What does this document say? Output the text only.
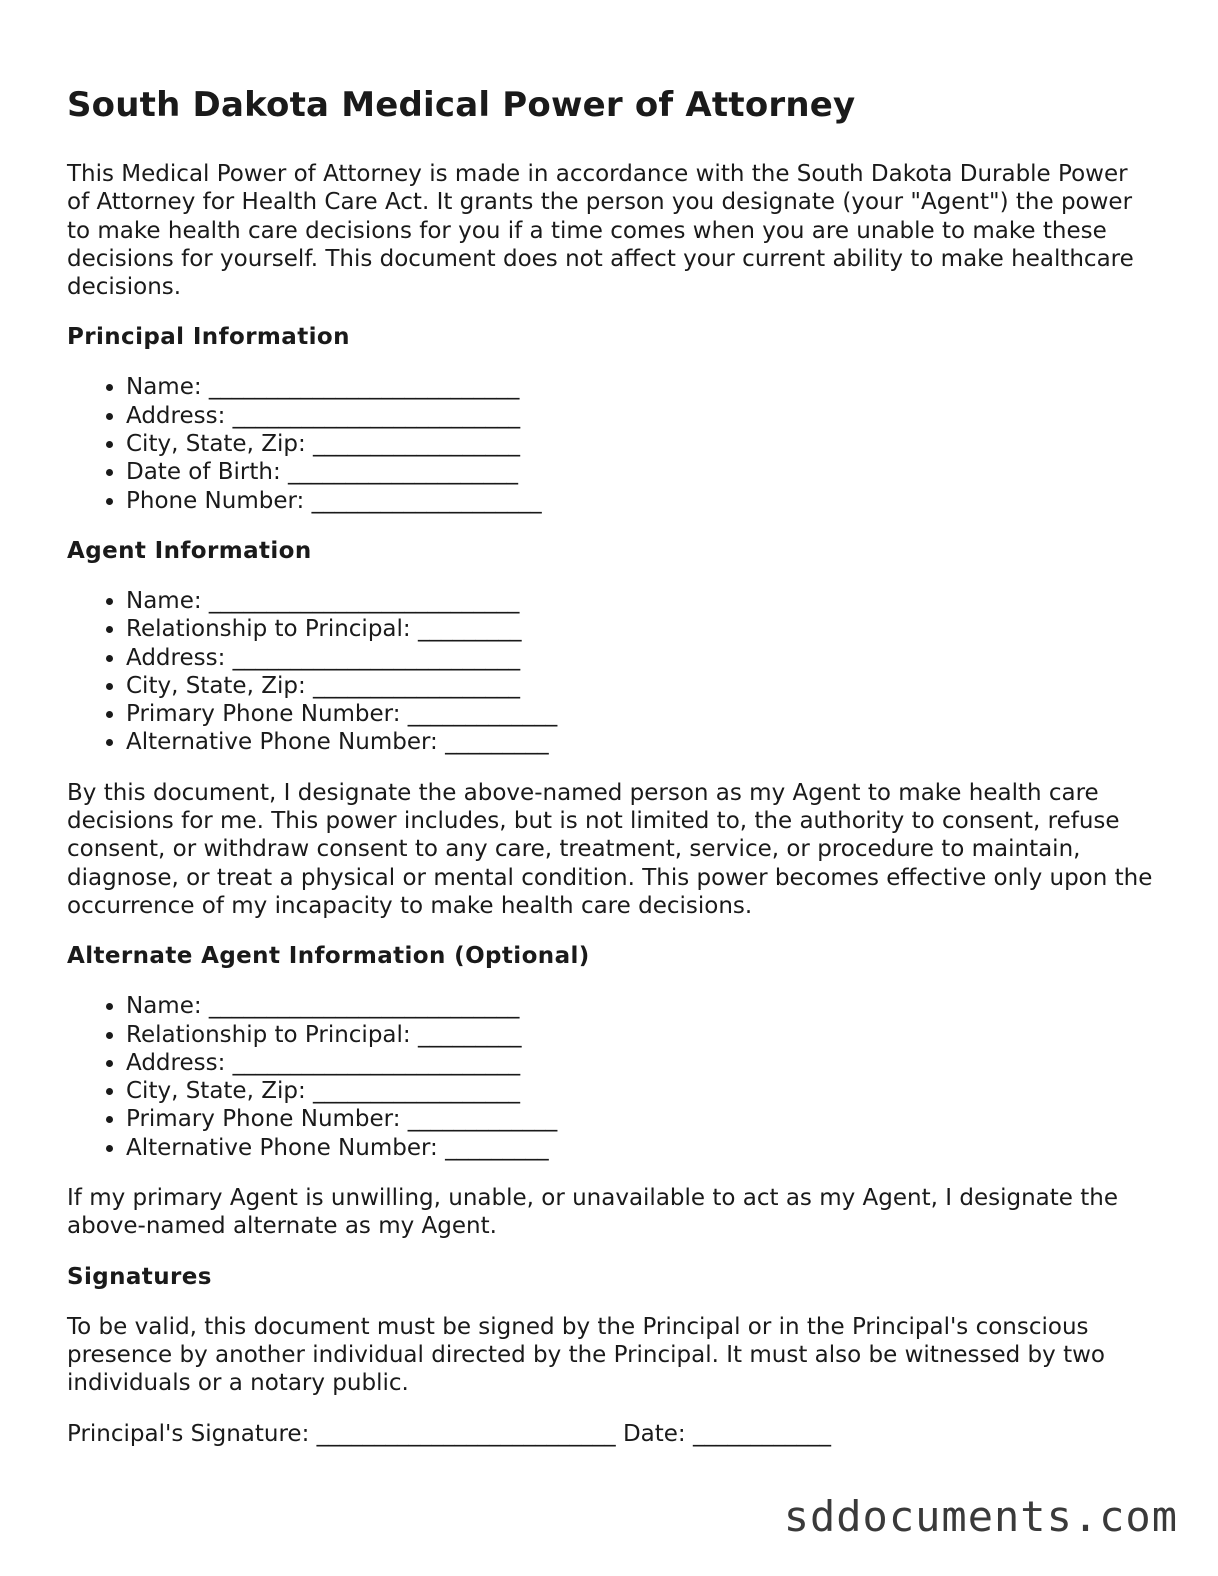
South Dakota Medical Power of Attorney

This Medical Power of Attorney is made in accordance with the South Dakota Durable Power of Attorney for Health Care Act. It grants the person you designate (your "Agent") the power to make health care decisions for you if a time comes when you are unable to make these decisions for yourself. This document does not affect your current ability to make healthcare decisions.

Principal Information
• Name: ___________________________
• Address: _________________________
• City, State, Zip: __________________
• Date of Birth: ____________________
• Phone Number: ____________________
Agent Information
• Name: ___________________________
• Relationship to Principal: _________
• Address: _________________________
• City, State, Zip: __________________
• Primary Phone Number: _____________
• Alternative Phone Number: _________

By this document, I designate the above-named person as my Agent to make health care decisions for me. This power includes, but is not limited to, the authority to consent, refuse consent, or withdraw consent to any care, treatment, service, or procedure to maintain, diagnose, or treat a physical or mental condition. This power becomes effective only upon the occurrence of my incapacity to make health care decisions.

Alternate Agent Information (Optional)
• Name: ___________________________
• Relationship to Principal: _________
• Address: _________________________
• City, State, Zip: __________________
• Primary Phone Number: _____________
• Alternative Phone Number: _________

If my primary Agent is unwilling, unable, or unavailable to act as my Agent, I designate the above-named alternate as my Agent.

Signatures

To be valid, this document must be signed by the Principal or in the Principal's conscious presence by another individual directed by the Principal. It must also be witnessed by two individuals or a notary public.

Principal's Signature: __________________________ Date: ____________
sddocuments.com
